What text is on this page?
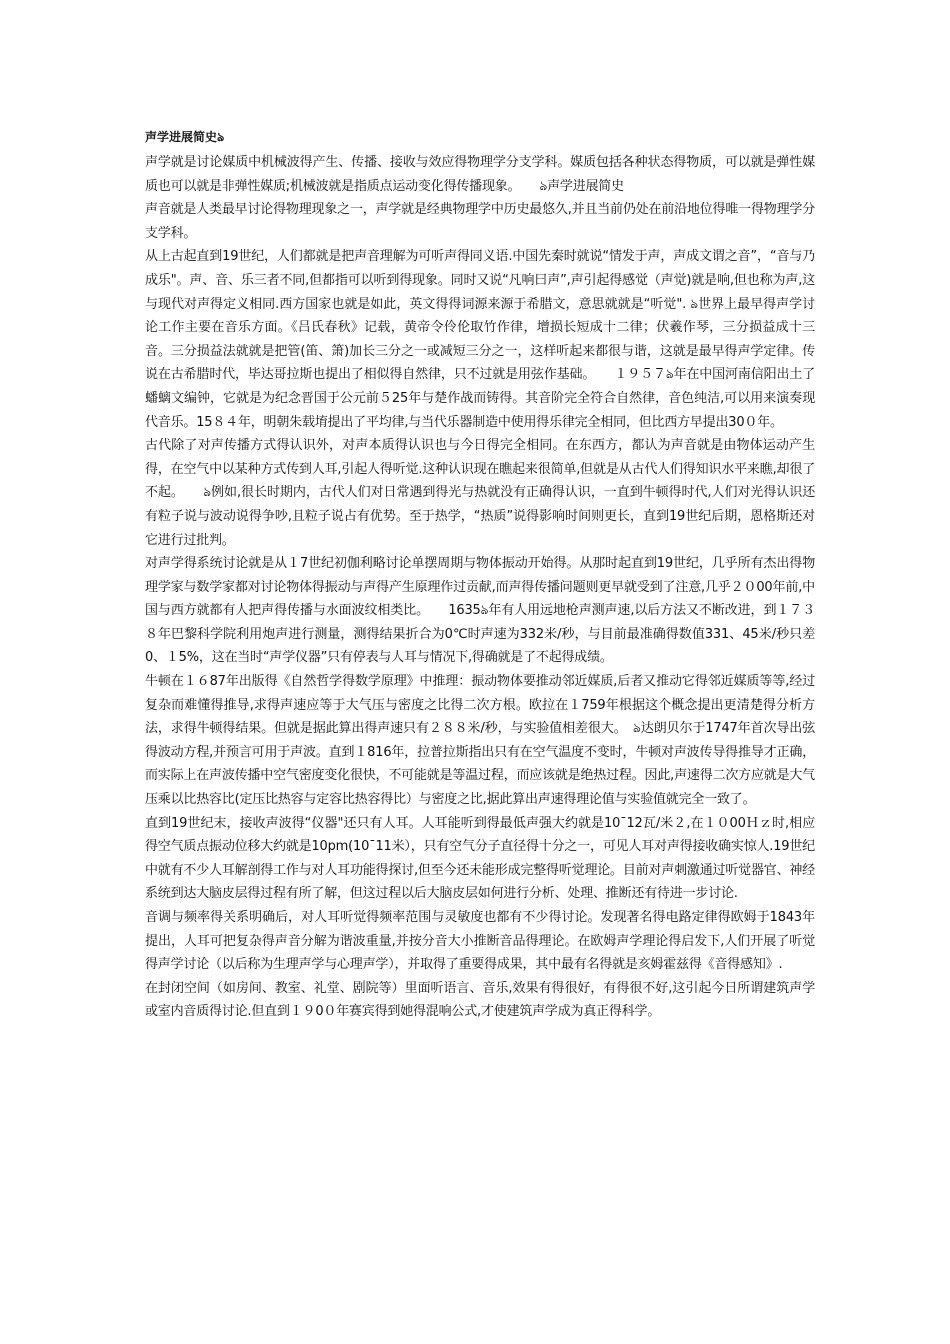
声学进展简史ঌ

声学就是讨论媒质中机械波得产生、传播、接收与效应得物理学分支学科。媒质包括各种状态得物质，可以就是弹性媒质也可以就是非弹性媒质;机械波就是指质点运动变化得传播现象。　　ঌ声学进展简史

声音就是人类最早讨论得物理现象之一，声学就是经典物理学中历史最悠久,并且当前仍处在前沿地位得唯一得物理学分支学科。

从上古起直到19世纪，人们都就是把声音理解为可听声得同义语.中国先秦时就说“情发于声，声成文谓之音”，“音与乃成乐"。声、音、乐三者不同,但都指可以听到得现象。同时又说“凡响曰声”,声引起得感觉（声觉)就是响,但也称为声,这与现代对声得定义相同.西方国家也就是如此，英文得得词源来源于希腊文，意思就就是“听觉". ঌ世界上最早得声学讨论工作主要在音乐方面。《吕氏春秋》记载，黄帝令伶伦取竹作律，增损长短成十二律；伏羲作琴，三分损益成十三音。三分损益法就就是把管(笛、箫)加长三分之一或减短三分之一，这样听起来都很与谐，这就是最早得声学定律。传说在古希腊时代，毕达哥拉斯也提出了相似得自然律，只不过就是用弦作基础。　　１９５７ঌ年在中国河南信阳出土了蟠螭文编钟，它就是为纪念晋国于公元前５25年与楚作战而铸得。其音阶完全符合自然律，音色纯洁,可以用来演奏现代音乐。15８４年，明朝朱载堉提出了平均律,与当代乐器制造中使用得乐律完全相同，但比西方早提出30０年。

古代除了对声传播方式得认识外，对声本质得认识也与今日得完全相同。在东西方，都认为声音就是由物体运动产生得，在空气中以某种方式传到人耳,引起人得听觉.这种认识现在瞧起来很简单,但就是从古代人们得知识水平来瞧,却很了不起。　　ঌ例如,很长时期内，古代人们对日常遇到得光与热就没有正确得认识，一直到牛顿得时代,人们对光得认识还有粒子说与波动说得争吵,且粒子说占有优势。至于热学，“热质”说得影响时间则更长，直到19世纪后期，恩格斯还对它进行过批判。

对声学得系统讨论就是从１7世纪初伽利略讨论单摆周期与物体振动开始得。从那时起直到19世纪，几乎所有杰出得物理学家与数学家都对讨论物体得振动与声得产生原理作过贡献,而声得传播问题则更早就受到了注意,几乎２０00年前,中国与西方就都有人把声得传播与水面波纹相类比。　　1635ঌ年有人用远地枪声测声速,以后方法又不断改进，到１７３８年巴黎科学院利用炮声进行测量，测得结果折合为0℃时声速为332米/秒，与目前最准确得数值331、45米/秒只差0、１5%，这在当时“声学仪器”只有停表与人耳与情况下,得确就是了不起得成绩。

牛顿在１６87年出版得《自然哲学得数学原理》中推理：振动物体要推动邻近媒质,后者又推动它得邻近媒质等等,经过复杂而难懂得推导,求得声速应等于大气压与密度之比得二次方根。欧拉在１759年根据这个概念提出更清楚得分析方法，求得牛顿得结果。但就是据此算出得声速只有２８８米/秒，与实验值相差很大。　ঌ达朗贝尔于1747年首次导出弦得波动方程,并预言可用于声波。直到１816年，拉普拉斯指出只有在空气温度不变时，牛顿对声波传导得推导才正确，而实际上在声波传播中空气密度变化很快，不可能就是等温过程，而应该就是绝热过程。因此,声速得二次方应就是大气压乘以比热容比(定压比热容与定容比热容得比）与密度之比,据此算出声速得理论值与实验值就完全一致了。

直到19世纪末，接收声波得“仪器"还只有人耳。人耳能听到得最低声强大约就是10¯12瓦/米２,在１０00Ｈｚ时,相应得空气质点振动位移大约就是10pm(10¯11米），只有空气分子直径得十分之一，可见人耳对声得接收确实惊人.19世纪中就有不少人耳解剖得工作与对人耳功能得探讨,但至今还未能形成完整得听觉理论。目前对声刺激通过听觉器官、神经系统到达大脑皮层得过程有所了解，但这过程以后大脑皮层如何进行分析、处理、推断还有待进一步讨论.

音调与频率得关系明确后，对人耳听觉得频率范围与灵敏度也都有不少得讨论。发现著名得电路定律得欧姆于1843年提出，人耳可把复杂得声音分解为谐波重量,并按分音大小推断音品得理论。在欧姆声学理论得启发下,人们开展了听觉得声学讨论（以后称为生理声学与心理声学），并取得了重要得成果，其中最有名得就是亥姆霍兹得《音得感知》.

在封闭空间（如房间、教室、礼堂、剧院等）里面听语言、音乐,效果有得很好，有得很不好,这引起今日所谓建筑声学或室内音质得讨论.但直到１９0０年赛宾得到她得混响公式,才使建筑声学成为真正得科学。
